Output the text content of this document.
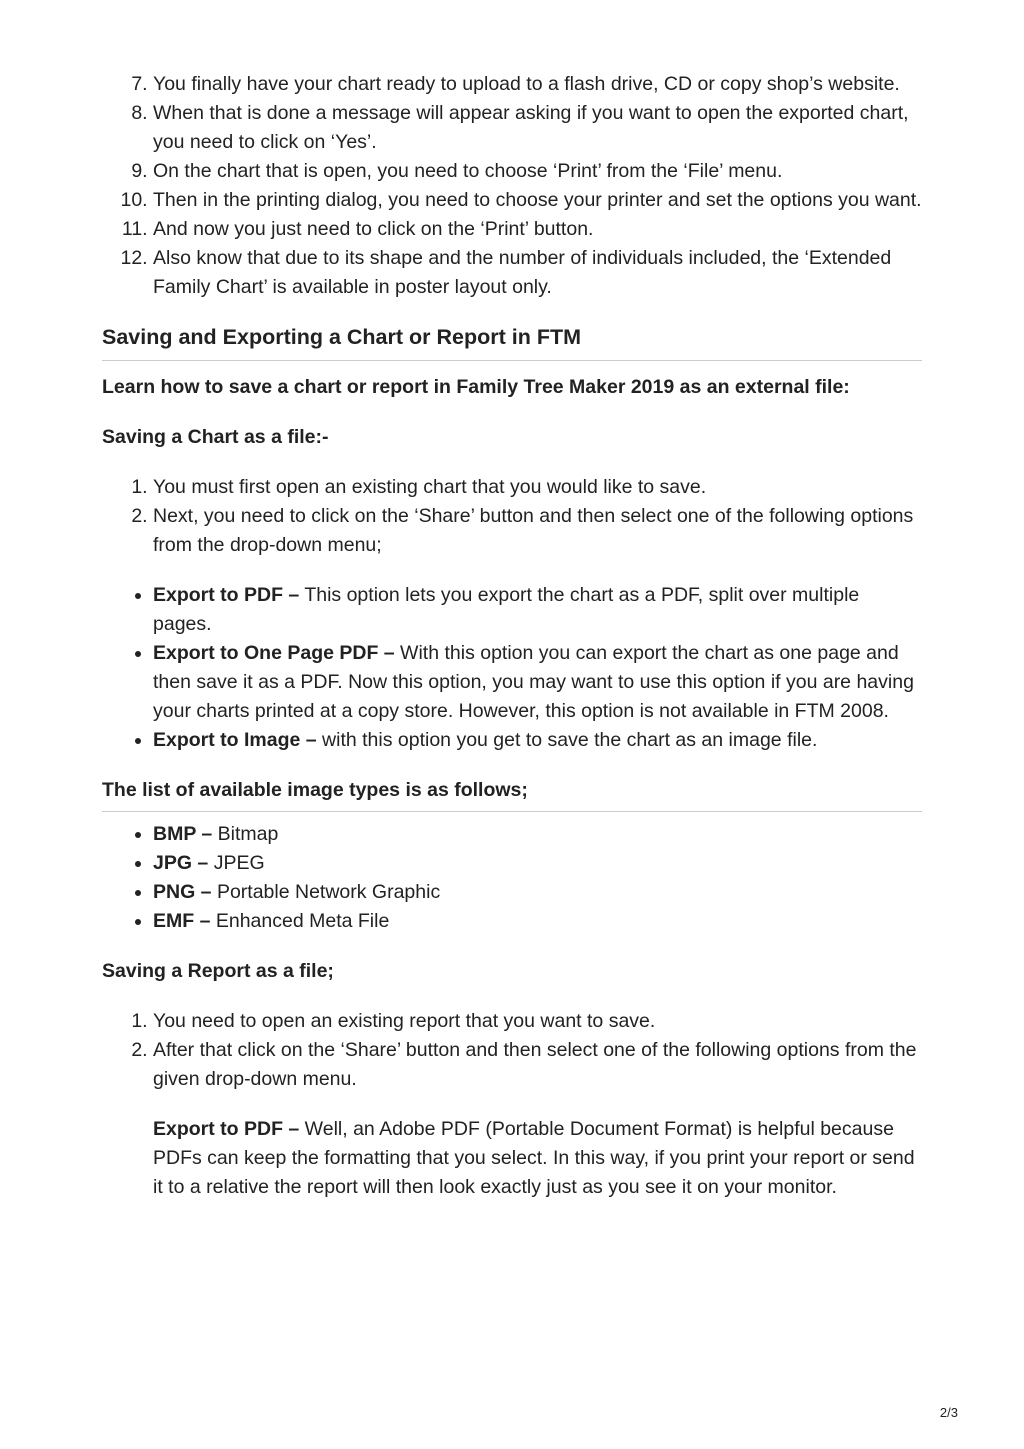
7. You finally have your chart ready to upload to a flash drive, CD or copy shop’s website.
8. When that is done a message will appear asking if you want to open the exported chart, you need to click on ‘Yes’.
9. On the chart that is open, you need to choose ‘Print’ from the ‘File’ menu.
10. Then in the printing dialog, you need to choose your printer and set the options you want.
11. And now you just need to click on the ‘Print’ button.
12. Also know that due to its shape and the number of individuals included, the ‘Extended Family Chart’ is available in poster layout only.
Saving and Exporting a Chart or Report in FTM

Learn how to save a chart or report in Family Tree Maker 2019 as an external file:

Saving a Chart as a file:-

1. You must first open an existing chart that you would like to save.
2. Next, you need to click on the ‘Share’ button and then select one of the following options from the drop-down menu;
• Export to PDF – This option lets you export the chart as a PDF, split over multiple pages.
• Export to One Page PDF – With this option you can export the chart as one page and then save it as a PDF. Now this option, you may want to use this option if you are having your charts printed at a copy store. However, this option is not available in FTM 2008.
• Export to Image – with this option you get to save the chart as an image file.
The list of available image types is as follows;
• BMP – Bitmap
• JPG – JPEG
• PNG – Portable Network Graphic
• EMF – Enhanced Meta File

Saving a Report as a file;

1. You need to open an existing report that you want to save.
2. After that click on the ‘Share’ button and then select one of the following options from the given drop-down menu.

Export to PDF – Well, an Adobe PDF (Portable Document Format) is helpful because PDFs can keep the formatting that you select. In this way, if you print your report or send it to a relative the report will then look exactly just as you see it on your monitor.

2/3
